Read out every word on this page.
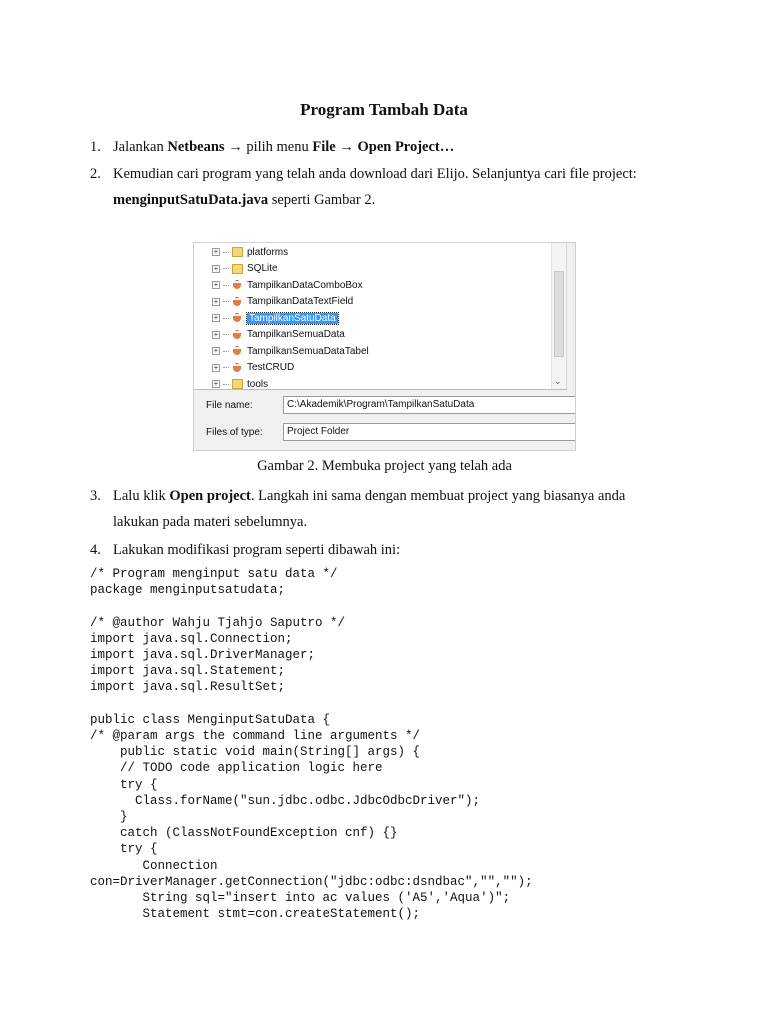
Program Tambah Data
1. Jalankan Netbeans → pilih menu File → Open Project…
2. Kemudian cari program yang telah anda download dari Elijo. Selanjuntya cari file project:
menginputSatuData.java seperti Gambar 2.
+	platforms
+	SQLite
+	TampilkanDataComboBox
+	TampilkanDataTextField
+	TampilkanSatuData
+	TampilkanSemuaData
+	TampilkanSemuaDataTabel
+	TestCRUD
+	tools	⌄
File name:	C:\Akademik\Program\TampilkanSatuData
Files of type:	Project Folder
Gambar 2. Membuka project yang telah ada
3. Lalu klik Open project. Langkah ini sama dengan membuat project yang biasanya anda
lakukan pada materi sebelumnya.
4. Lakukan modifikasi program seperti dibawah ini:
/* Program menginput satu data */
package menginputsatudata;

/* @author Wahju Tjahjo Saputro */
import java.sql.Connection;
import java.sql.DriverManager;
import java.sql.Statement;
import java.sql.ResultSet;

public class MenginputSatuData {
/* @param args the command line arguments */
public static void main(String[] args) {
// TODO code application logic here
try {
Class.forName("sun.jdbc.odbc.JdbcOdbcDriver");
}
catch (ClassNotFoundException cnf) {}
try {
Connection
con=DriverManager.getConnection("jdbc:odbc:dsndbac","","");
String sql="insert into ac values ('A5','Aqua')";
Statement stmt=con.createStatement();
